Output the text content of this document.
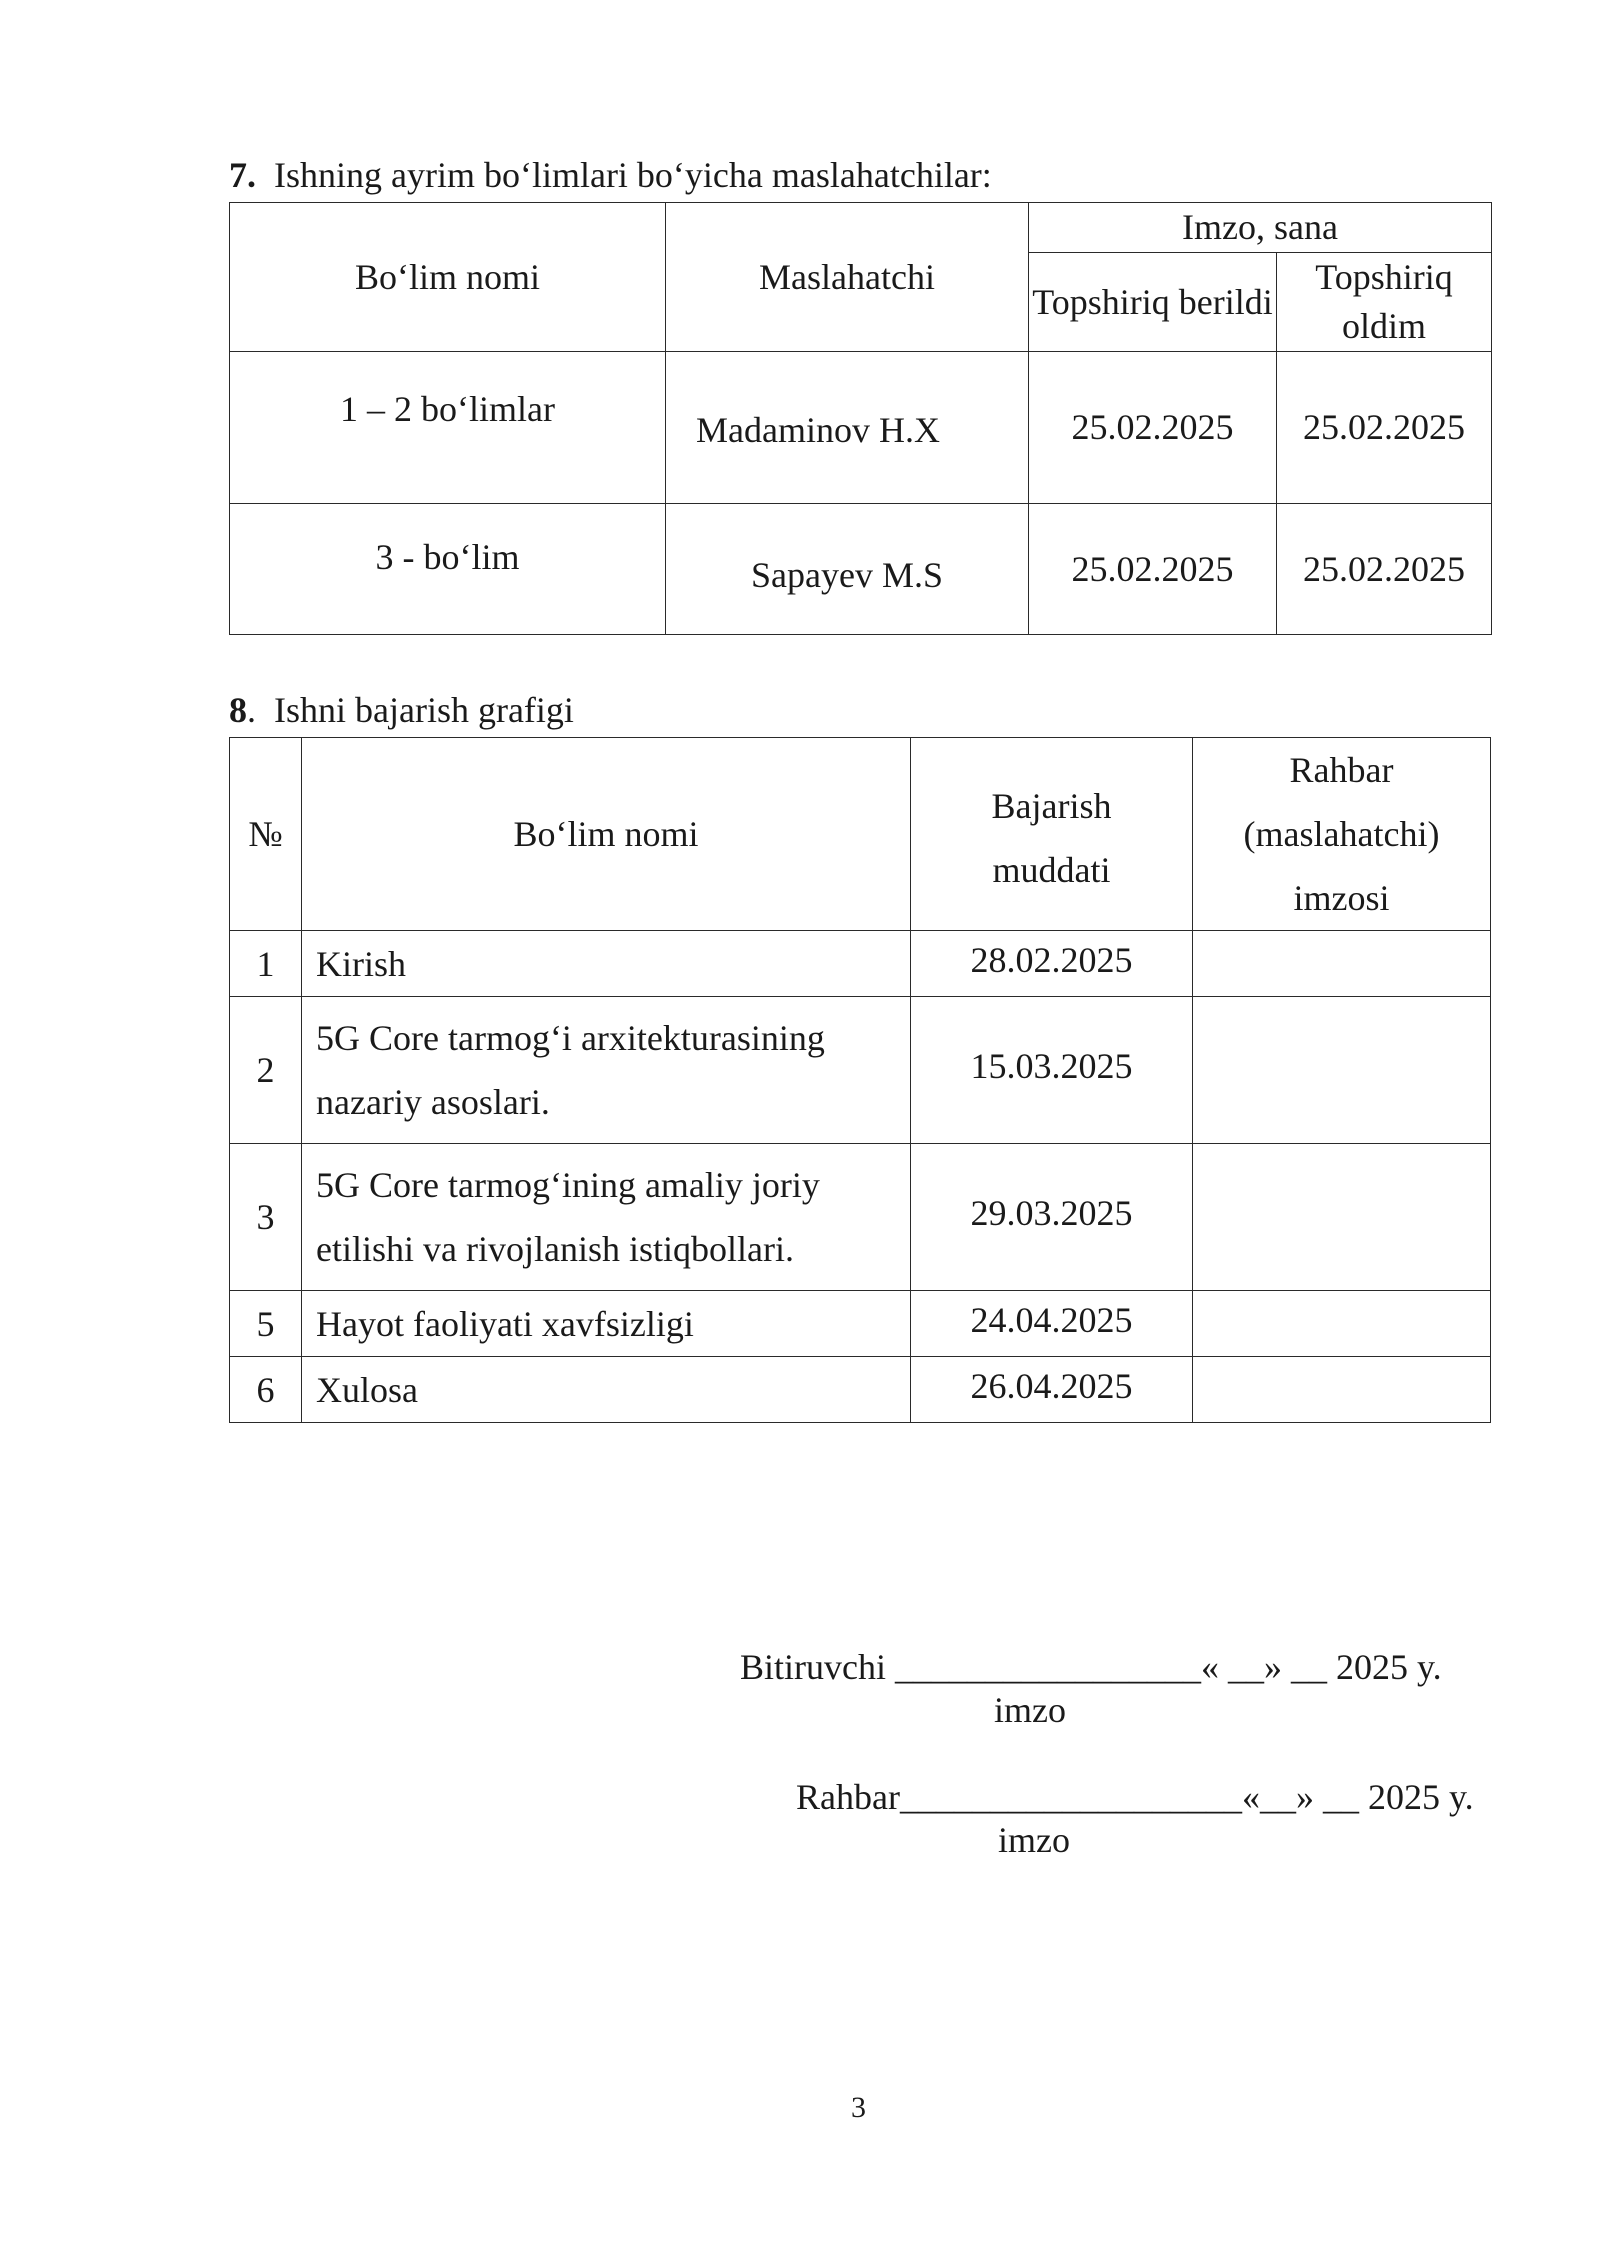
7. Ishning ayrim bo‘limlari bo‘yicha maslahatchilar:
Bo‘lim nomi	Maslahatchi	Imzo, sana	
		Topshiriq berildi	Topshiriq oldim

1 – 2 bo‘limlar	Madaminov H.X	25.02.2025	25.02.2025

3 - bo‘lim	Sapayev M.S	25.02.2025	25.02.2025
8.  Ishni bajarish grafigi
№	Bo‘lim nomi	Bajarish muddati	Rahbar (maslahatchi) imzosi

1	Kirish	28.02.2025	
2	5G Core tarmog‘i arxitekturasining nazariy asoslari.	15.03.2025	
3	5G Core tarmog‘ining amaliy joriy etilishi va rivojlanish istiqbollari.	29.03.2025	
5	Hayot faoliyati xavfsizligi	24.04.2025	
6	Xulosa	26.04.2025	
Bitiruvchi _________________« __» __ 2025 y.
imzo
Rahbar___________________«__» __ 2025 y.
imzo
3
